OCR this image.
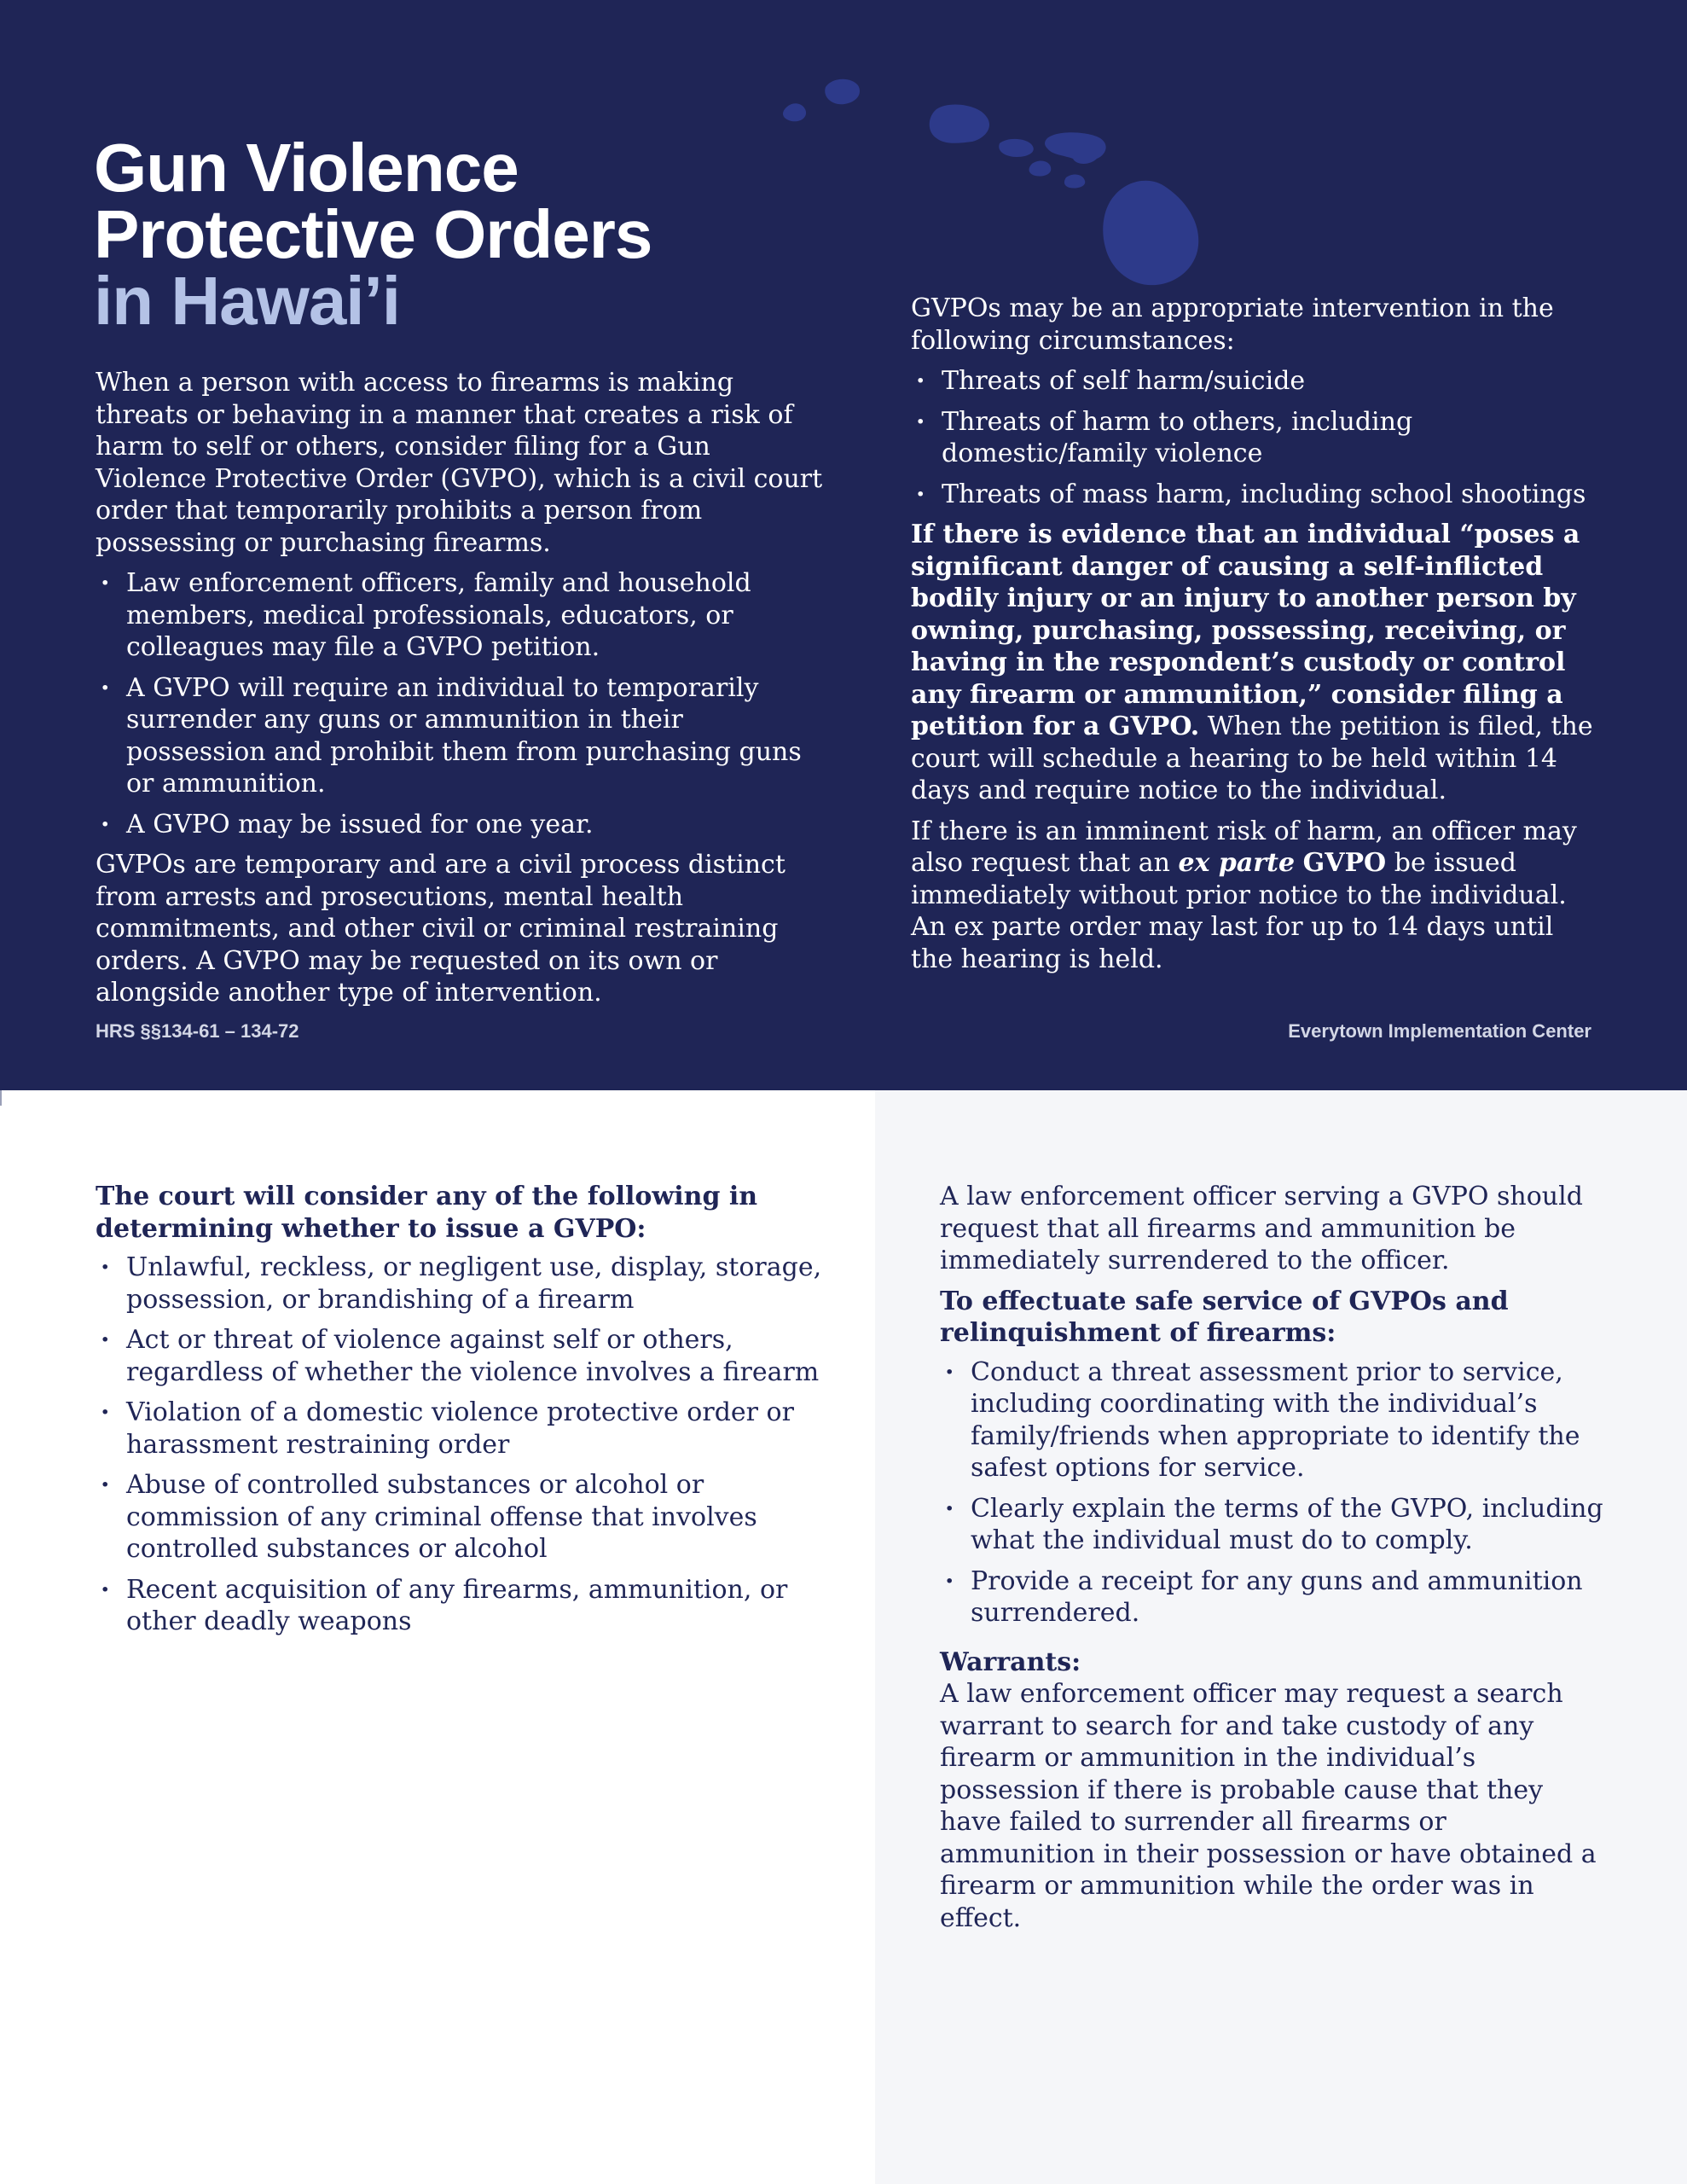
Gun Violence
Protective Orders
in Hawai’i

When a person with access to firearms is making threats or behaving in a manner that creates a risk of harm to self or others, consider filing for a Gun Violence Protective Order (GVPO), which is a civil court order that temporarily prohibits a person from possessing or purchasing firearms.

· Law enforcement officers, family and household members, medical professionals, educators, or colleagues may file a GVPO petition.
· A GVPO will require an individual to temporarily surrender any guns or ammunition in their possession and prohibit them from purchasing guns or ammunition.
· A GVPO may be issued for one year.

GVPOs are temporary and are a civil process distinct from arrests and prosecutions, mental health commitments, and other civil or criminal restraining orders. A GVPO may be requested on its own or alongside another type of intervention.

GVPOs may be an appropriate intervention in the following circumstances:

· Threats of self harm/suicide
· Threats of harm to others, including domestic/family violence
· Threats of mass harm, including school shootings

If there is evidence that an individual “poses a significant danger of causing a self-inflicted bodily injury or an injury to another person by owning, purchasing, possessing, receiving, or having in the respondent’s custody or control any firearm or ammunition,” consider filing a petition for a GVPO. When the petition is filed, the court will schedule a hearing to be held within 14 days and require notice to the individual.

If there is an imminent risk of harm, an officer may also request that an ex parte GVPO be issued immediately without prior notice to the individual. An ex parte order may last for up to 14 days until the hearing is held.

HRS §§134-61 – 134-72	Everytown Implementation Center

The court will consider any of the following in determining whether to issue a GVPO:

· Unlawful, reckless, or negligent use, display, storage, possession, or brandishing of a firearm
· Act or threat of violence against self or others, regardless of whether the violence involves a firearm
· Violation of a domestic violence protective order or harassment restraining order
· Abuse of controlled substances or alcohol or commission of any criminal offense that involves controlled substances or alcohol
· Recent acquisition of any firearms, ammunition, or other deadly weapons

A law enforcement officer serving a GVPO should request that all firearms and ammunition be immediately surrendered to the officer.

To effectuate safe service of GVPOs and relinquishment of firearms:

· Conduct a threat assessment prior to service, including coordinating with the individual’s family/friends when appropriate to identify the safest options for service.
· Clearly explain the terms of the GVPO, including what the individual must do to comply.
· Provide a receipt for any guns and ammunition surrendered.

Warrants:

A law enforcement officer may request a search warrant to search for and take custody of any firearm or ammunition in the individual’s possession if there is probable cause that they have failed to surrender all firearms or ammunition in their possession or have obtained a firearm or ammunition while the order was in effect.
